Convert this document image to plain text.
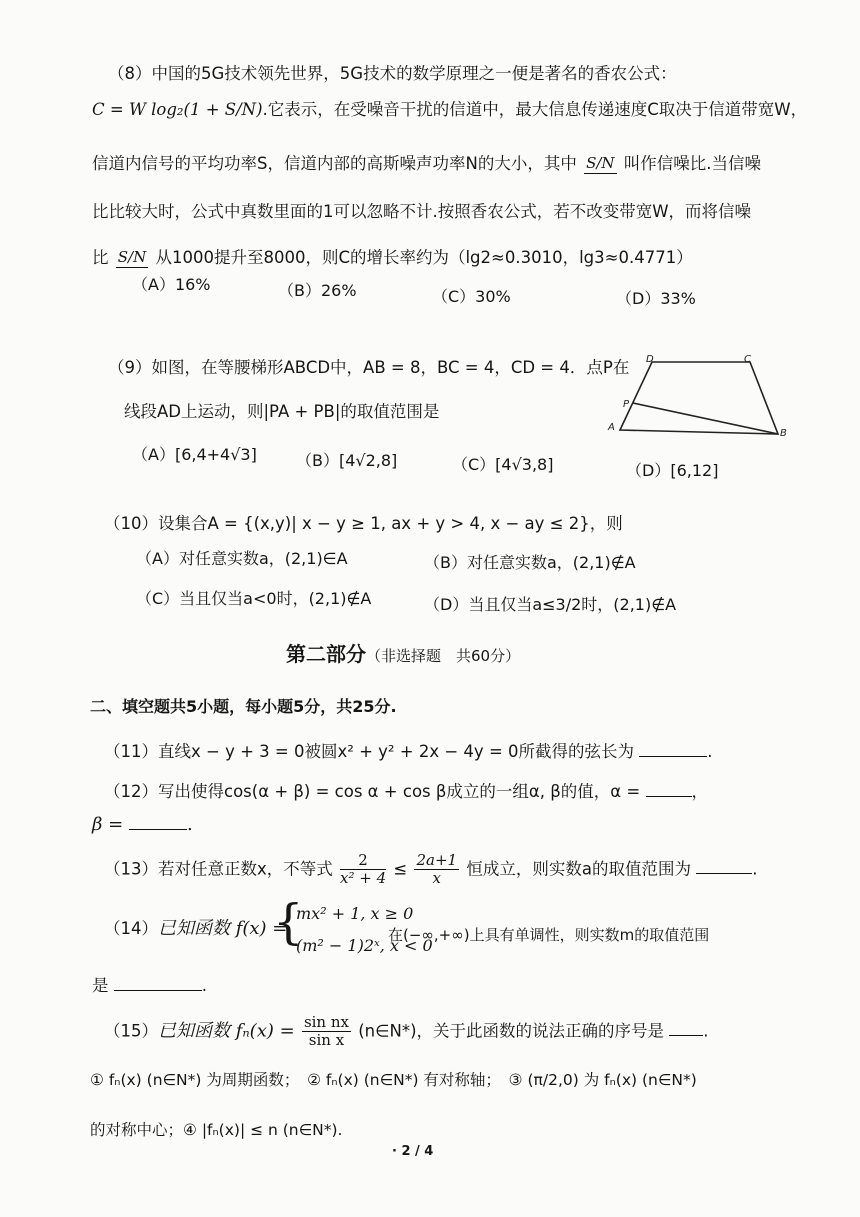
（8）中国的5G技术领先世界，5G技术的数学原理之一便是著名的香农公式：
C = W log₂(1 + S/N).它表示，在受噪音干扰的信道中，最大信息传递速度C取决于信道带宽W，
信道内信号的平均功率S，信道内部的高斯噪声功率N的大小，其中 S/N 叫作信噪比.当信噪
比比较大时，公式中真数里面的1可以忽略不计.按照香农公式，若不改变带宽W，而将信噪
比 S/N 从1000提升至8000，则C的增长率约为（lg2≈0.3010，lg3≈0.4771）
（A）16%	（B）26%	（C）30%	（D）33%
（9）如图，在等腰梯形ABCD中，AB = 8，BC = 4，CD = 4．点P在
线段AD上运动，则|PA + PB|的取值范围是
（A）[6,4+4√3] （B）[4√2,8]	（C）[4√3,8]	（D）[6,12]
D	C
P
A
B
（10）设集合A = {(x,y)| x − y ≥ 1, ax + y > 4, x − ay ≤ 2}，则
（A）对任意实数a，(2,1)∈A	（B）对任意实数a，(2,1)∉A
（C）当且仅当a<0时，(2,1)∉A	（D）当且仅当a≤3/2时，(2,1)∉A
第二部分（非选择题　共60分）
二、填空题共5小题，每小题5分，共25分.
（11）直线x − y + 3 = 0被圆x² + y² + 2x − 4y = 0所截得的弦长为	.
（12）写出使得cos(α + β) = cos α + cos β成立的一组α, β的值，α =	，
β =	.
（13）若对任意正数x，不等式 $\frac{2}{\text{x² + 4}} \le \frac{2a+1}{x}$ 恒成立，则实数a的取值范围为	.
（14）已知函数 f(x) =
{
mx² + 1, x ≥ 0
(m² − 1)2ˣ, x < 0
在(−∞,+∞)上具有单调性，则实数m的取值范围
是	.
（15）已知函数 $f_n(x) = \frac{\text{sin nx}}{\text{sin x}}$ (n∈N*)，关于此函数的说法正确的序号是 .
① fₙ(x) (n∈N*) 为周期函数；　② fₙ(x) (n∈N*) 有对称轴；　③ (π/2,0) 为 fₙ(x) (n∈N*)
的对称中心；④ |fₙ(x)| ≤ n (n∈N*).
· 2 / 4
